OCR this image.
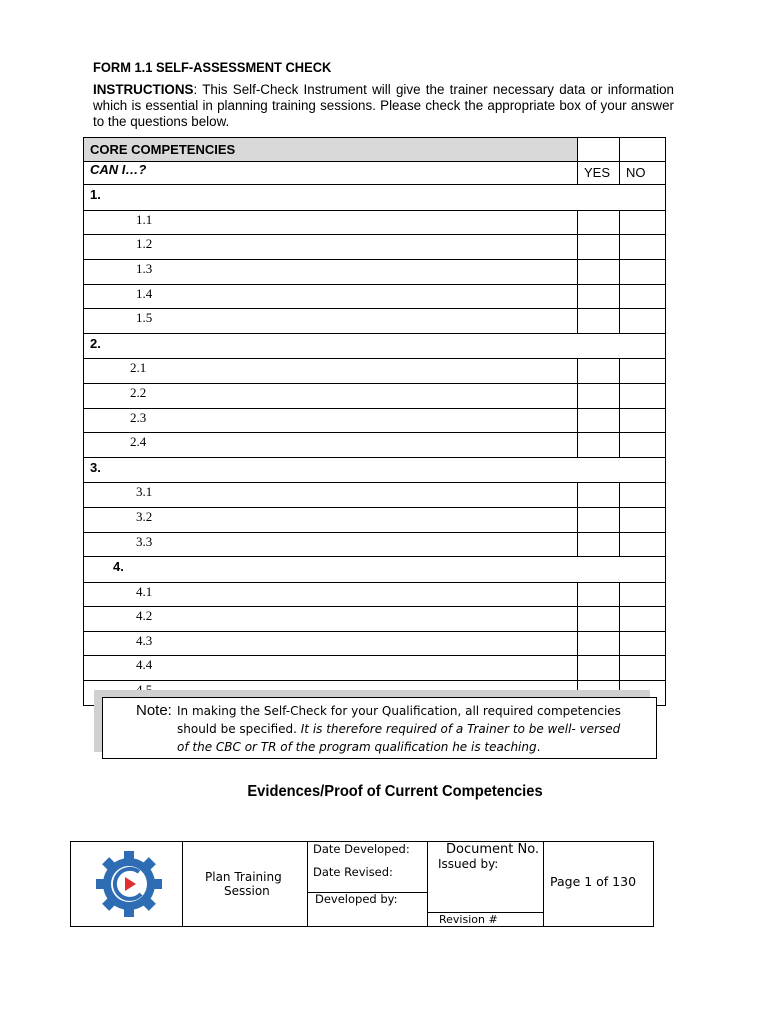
FORM 1.1 SELF-ASSESSMENT CHECK
INSTRUCTIONS: This Self-Check Instrument will give the trainer necessary data or information which is essential in planning training sessions. Please check the appropriate box of your answer to the questions below.
CORE COMPETENCIES		
CAN I…?	YES	NO
1.		
1.1		
1.2		
1.3		
1.4		
1.5		
2.		
2.1		
2.2		
2.3		
2.4		
3.		
3.1		
3.2		
3.3		
4.		
4.1		
4.2		
4.3		
4.4		

Note: In making the Self-Check for your Qualification, all required competencies
should be specified. It is therefore required of a Trainer to be well- versed
of the CBC or TR of the program qualification he is teaching.
Evidences/Proof of Current Competencies
Plan Training
Session
Date Developed:
Date Revised:
Developed by:
Document No.
Issued by:
Revision #
Page 1 of 130
